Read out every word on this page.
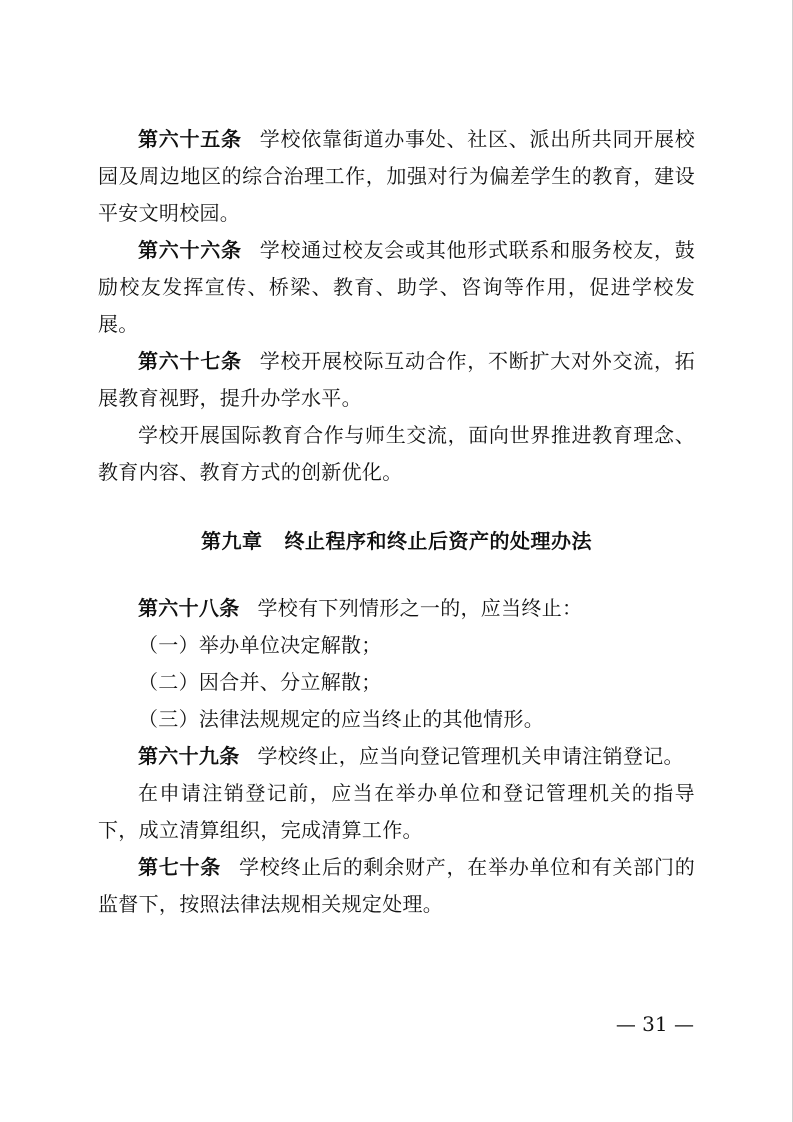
第六十五条 学校依靠街道办事处、社区、派出所共同开展校园及周边地区的综合治理工作，加强对行为偏差学生的教育，建设平安文明校园。

第六十六条 学校通过校友会或其他形式联系和服务校友，鼓励校友发挥宣传、桥梁、教育、助学、咨询等作用，促进学校发展。

第六十七条 学校开展校际互动合作，不断扩大对外交流，拓展教育视野，提升办学水平。

学校开展国际教育合作与师生交流，面向世界推进教育理念、教育内容、教育方式的创新优化。

第九章 终止程序和终止后资产的处理办法

第六十八条 学校有下列情形之一的，应当终止：

（一）举办单位决定解散；

（二）因合并、分立解散；

（三）法律法规规定的应当终止的其他情形。

第六十九条 学校终止，应当向登记管理机关申请注销登记。

在申请注销登记前，应当在举办单位和登记管理机关的指导下，成立清算组织，完成清算工作。

第七十条 学校终止后的剩余财产，在举办单位和有关部门的监督下，按照法律法规相关规定处理。

— 31 —
